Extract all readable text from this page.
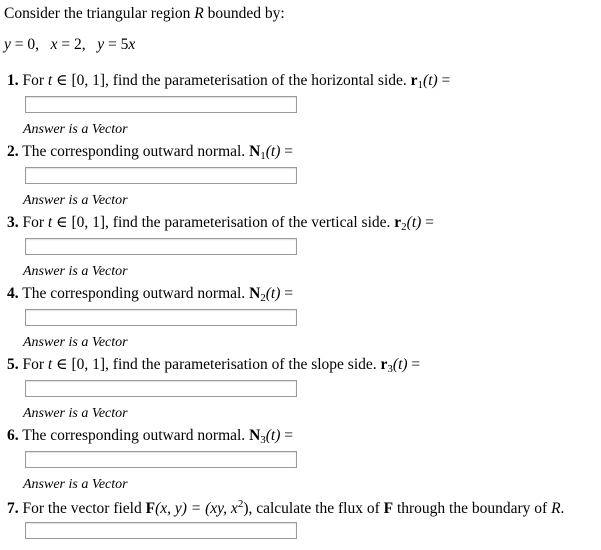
Consider the triangular region R bounded by:
y = 0,   x = 2,   y = 5x
1. For t ∈ [0, 1], find the parameterisation of the horizontal side. $r_1(t)$ =
Answer is a Vector
2. The corresponding outward normal. $N_1(t)$ =
Answer is a Vector
3. For t ∈ [0, 1], find the parameterisation of the vertical side. $r_2(t)$ =
Answer is a Vector
4. The corresponding outward normal. $N_2(t)$ =
Answer is a Vector
5. For t ∈ [0, 1], find the parameterisation of the slope side. $r_3(t)$ =
Answer is a Vector
6. The corresponding outward normal. $N_3(t)$ =
Answer is a Vector
7. For the vector field F(x, y) = (xy, $x^2$), calculate the flux of F through the boundary of R.
